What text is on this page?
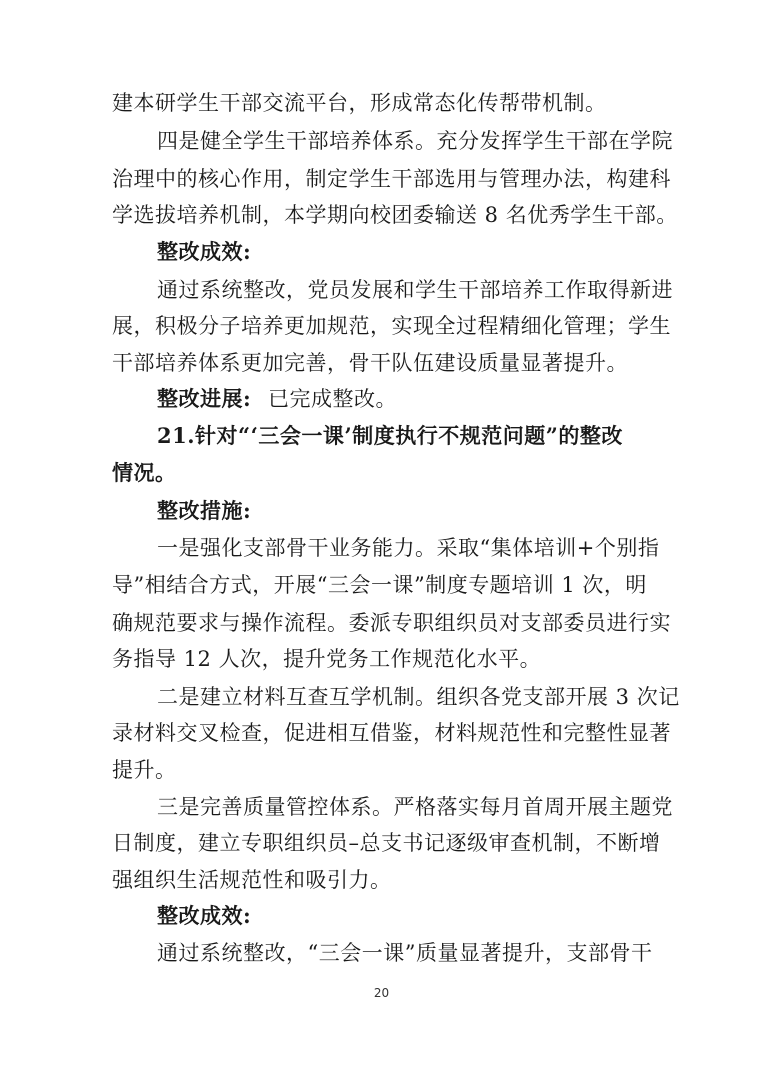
建本研学生干部交流平台，形成常态化传帮带机制。
四是健全学生干部培养体系。充分发挥学生干部在学院
治理中的核心作用，制定学生干部选用与管理办法，构建科
学选拔培养机制，本学期向校团委输送 8 名优秀学生干部。
整改成效:
通过系统整改，党员发展和学生干部培养工作取得新进
展，积极分子培养更加规范，实现全过程精细化管理；学生
干部培养体系更加完善，骨干队伍建设质量显著提升。
整改进展: 已完成整改。
21.针对“‘三会一课’制度执行不规范问题”的整改
情况。
整改措施:
一是强化支部骨干业务能力。采取“集体培训+个别指
导”相结合方式，开展“三会一课”制度专题培训 1 次，明
确规范要求与操作流程。委派专职组织员对支部委员进行实
务指导 12 人次，提升党务工作规范化水平。
二是建立材料互查互学机制。组织各党支部开展 3 次记
录材料交叉检查，促进相互借鉴，材料规范性和完整性显著
提升。
三是完善质量管控体系。严格落实每月首周开展主题党
日制度，建立专职组织员–总支书记逐级审查机制，不断增
强组织生活规范性和吸引力。
整改成效:
通过系统整改，“三会一课”质量显著提升，支部骨干
20
